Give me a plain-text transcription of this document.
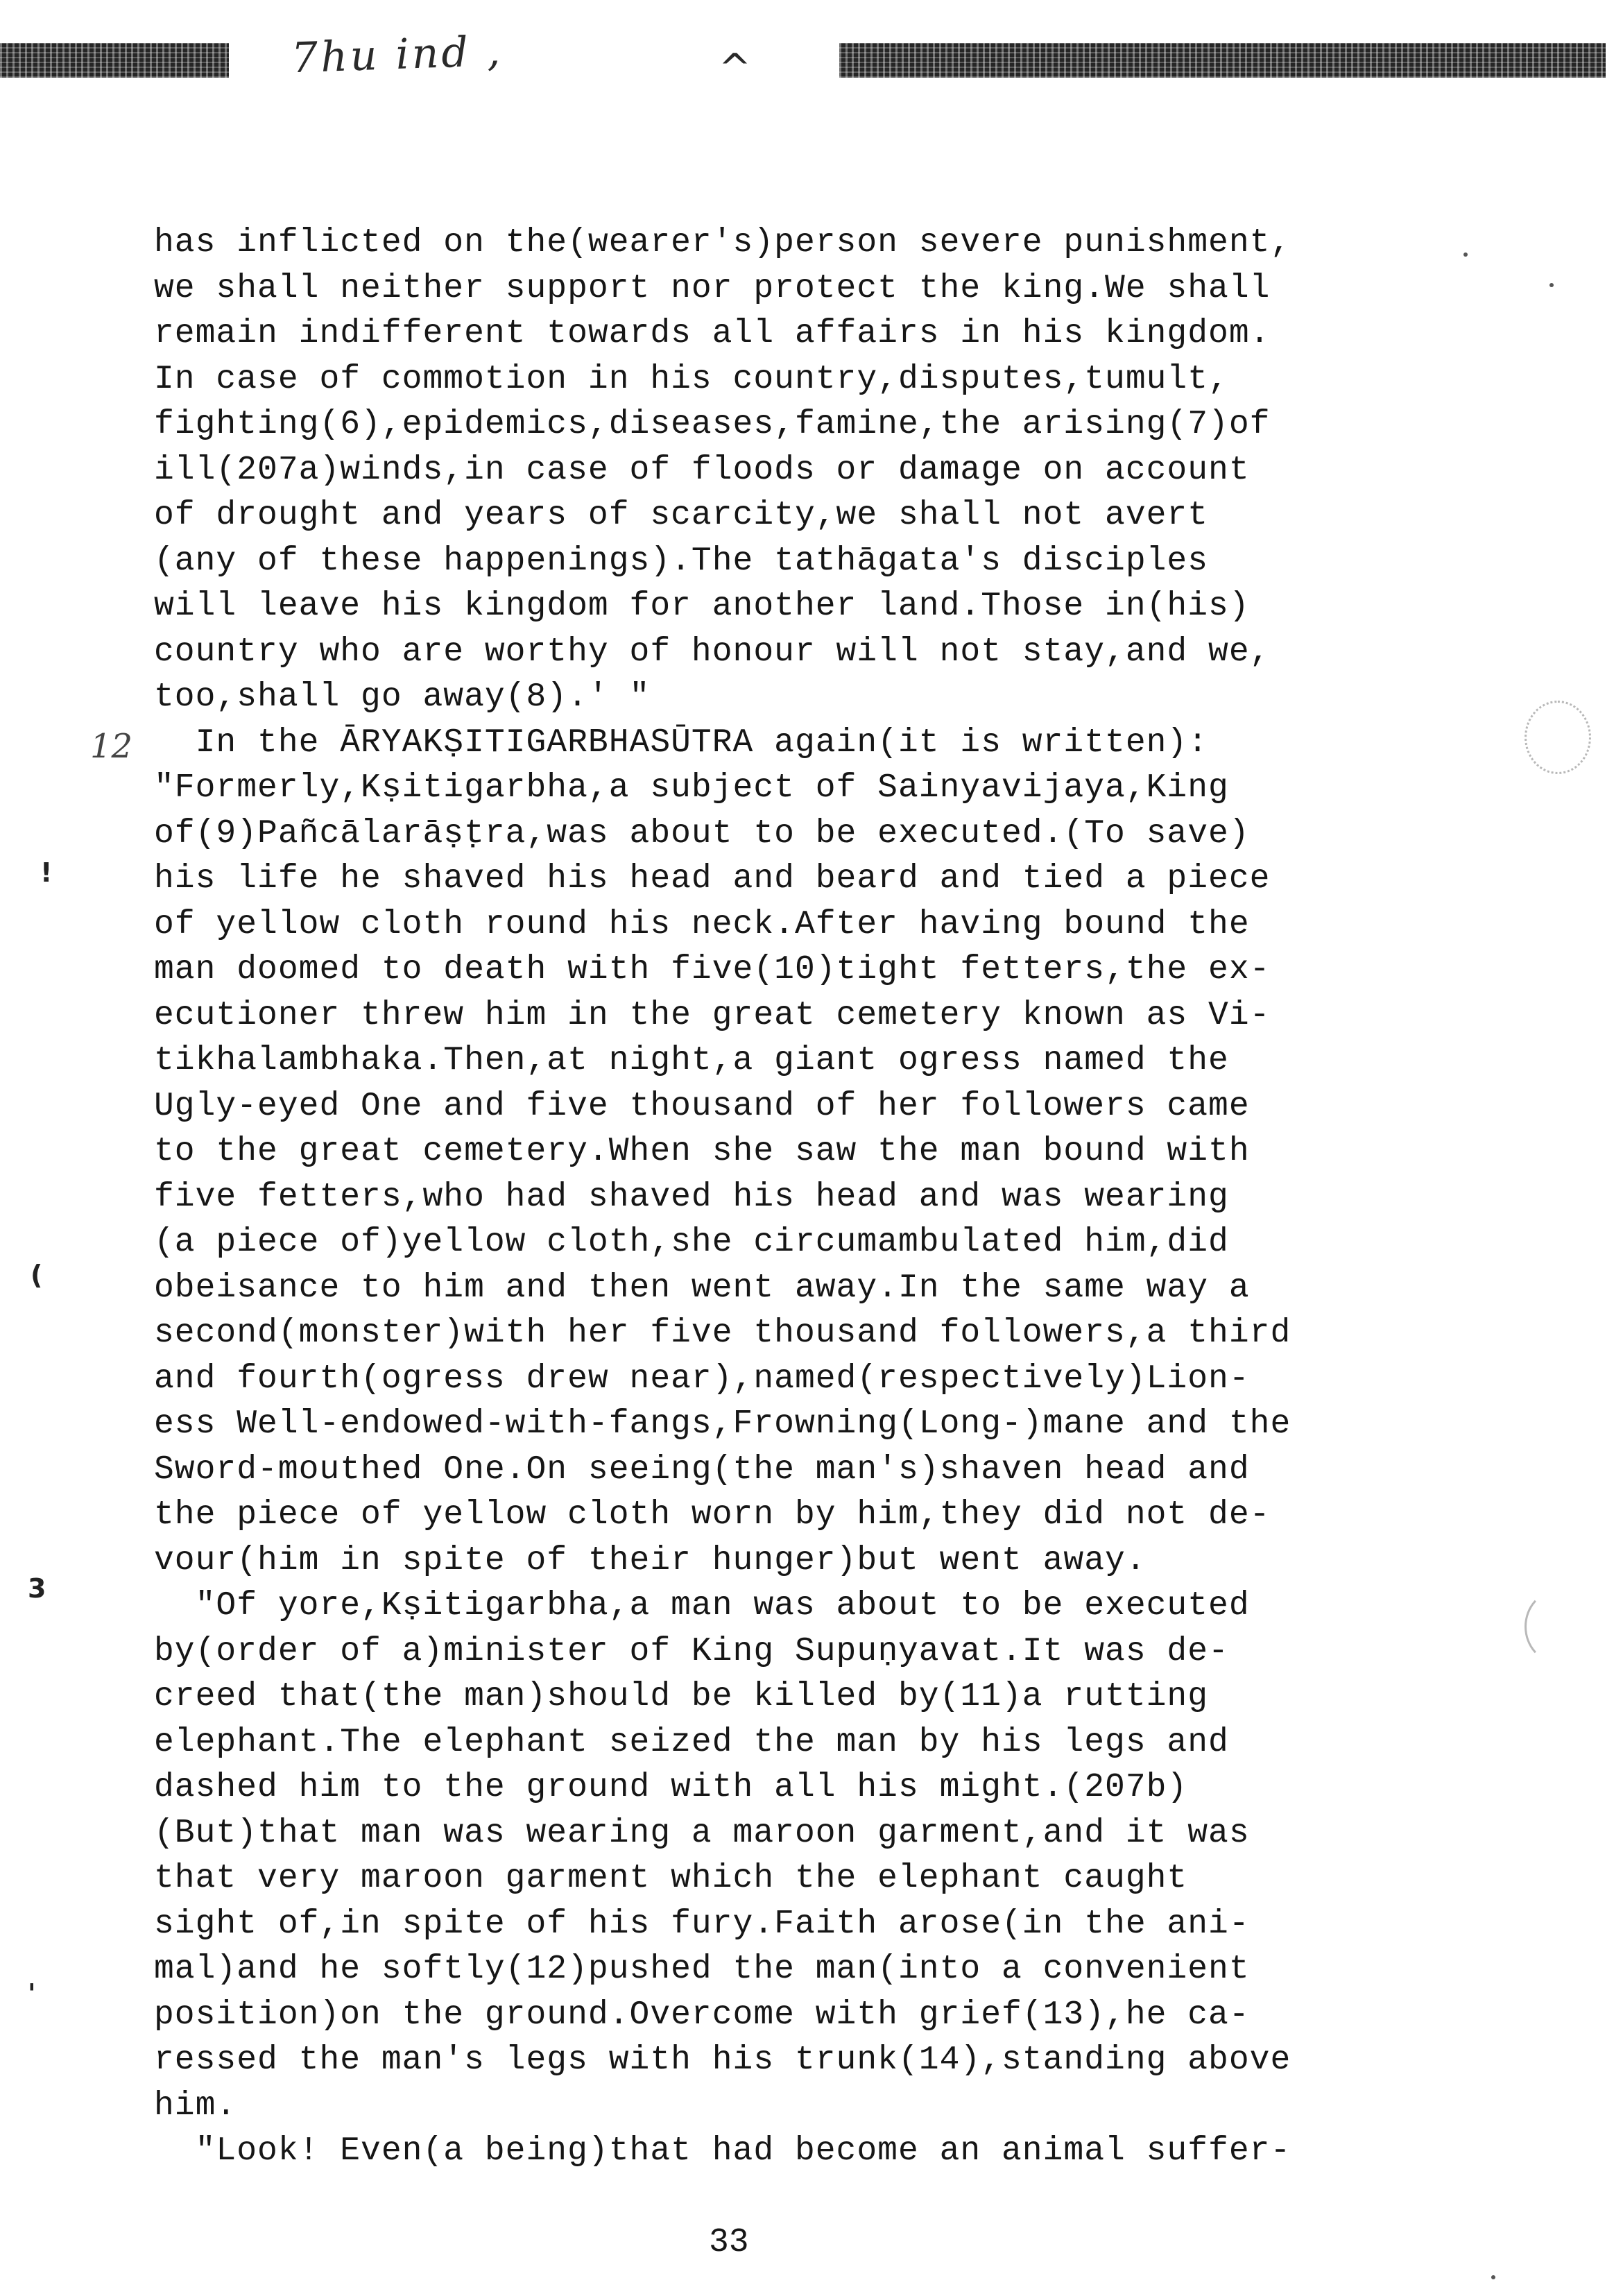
7hu ind ,	^
12
!
(
3
'
has inflicted on the(wearer's)person severe punishment,
we shall neither support nor protect the king.We shall
remain indifferent towards all affairs in his kingdom.
In case of commotion in his country,disputes,tumult,
fighting(6),epidemics,diseases,famine,the arising(7)of
ill(207a)winds,in case of floods or damage on account
of drought and years of scarcity,we shall not avert
(any of these happenings).The tathāgata's disciples
will leave his kingdom for another land.Those in(his)
country who are worthy of honour will not stay,and we,
too,shall go away(8).' "
In the ĀRYAKṢITIGARBHASŪTRA again(it is written):
"Formerly,Kṣitigarbha,a subject of Sainyavijaya,King
of(9)Pañcālarāṣṭra,was about to be executed.(To save)
his life he shaved his head and beard and tied a piece
of yellow cloth round his neck.After having bound the
man doomed to death with five(10)tight fetters,the ex-
ecutioner threw him in the great cemetery known as Vi-
tikhalambhaka.Then,at night,a giant ogress named the
Ugly-eyed One and five thousand of her followers came
to the great cemetery.When she saw the man bound with
five fetters,who had shaved his head and was wearing
(a piece of)yellow cloth,she circumambulated him,did
obeisance to him and then went away.In the same way a
second(monster)with her five thousand followers,a third
and fourth(ogress drew near),named(respectively)Lion-
ess Well-endowed-with-fangs,Frowning(Long-)mane and the
Sword-mouthed One.On seeing(the man's)shaven head and
the piece of yellow cloth worn by him,they did not de-
vour(him in spite of their hunger)but went away.
"Of yore,Kṣitigarbha,a man was about to be executed
by(order of a)minister of King Supuṇyavat.It was de-
creed that(the man)should be killed by(11)a rutting
elephant.The elephant seized the man by his legs and
dashed him to the ground with all his might.(207b)
(But)that man was wearing a maroon garment,and it was
that very maroon garment which the elephant caught
sight of,in spite of his fury.Faith arose(in the ani-
mal)and he softly(12)pushed the man(into a convenient
position)on the ground.Overcome with grief(13),he ca-
ressed the man's legs with his trunk(14),standing above
him.
"Look! Even(a being)that had become an animal suffer-
33
